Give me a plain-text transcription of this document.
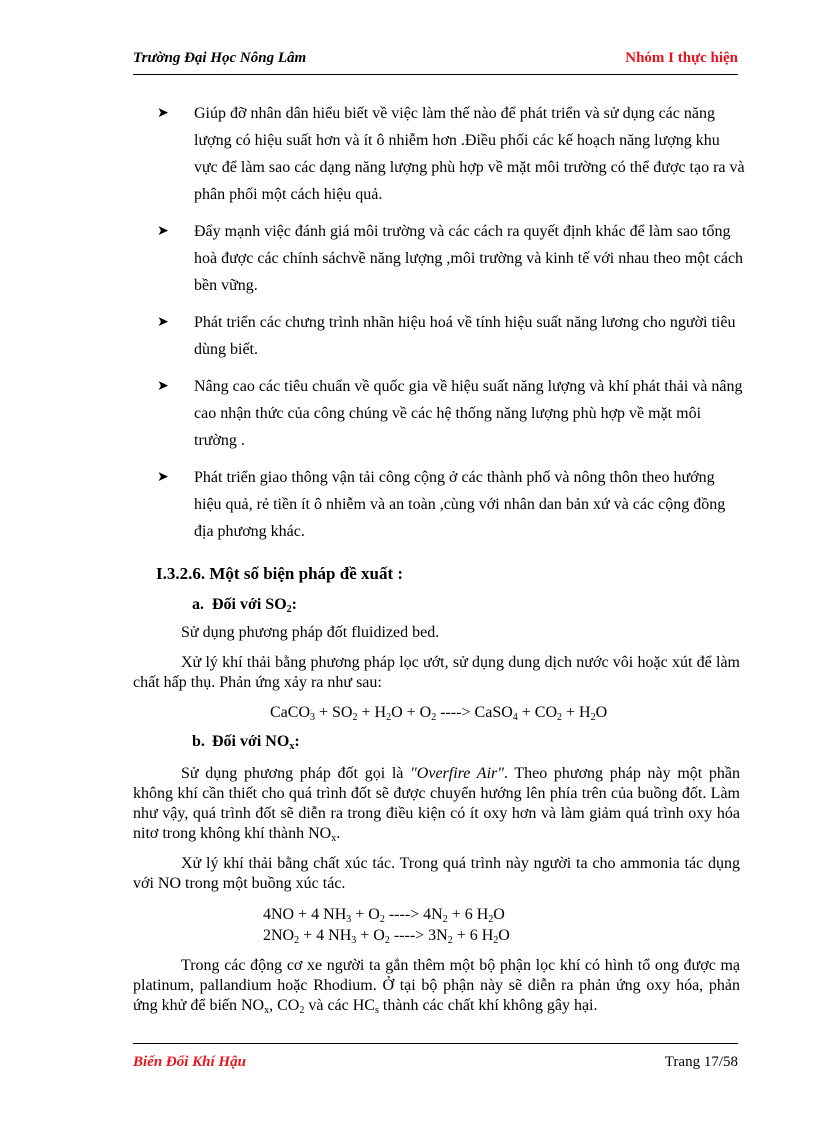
Trường Đại Học Nông Lâm	Nhóm I thực hiện
➤ Giúp đỡ nhân dân hiểu biết về việc làm thế nào để phát triển và sử dụng các năng lượng có hiệu suất hơn và ít ô nhiễm hơn .Điều phối các kế hoạch năng lượng khu vực để làm sao các dạng năng lượng phù hợp về mặt môi trường có thể được tạo ra và phân phối một cách hiệu quả.
➤ Đẩy mạnh việc đánh giá môi trường và các cách ra quyết định khác để làm sao tổng hoà được các chính sáchvề năng lượng ,môi trường và kinh tế với nhau theo một cách bền vững.
➤ Phát triển các chưng trình nhãn hiệu hoá về tính hiệu suất năng lương cho người tiêu dùng biết.
➤ Nâng cao các tiêu chuẩn về quốc gia về hiệu suất năng lượng và khí phát thải và nâng cao nhận thức của công chúng về các hệ thống năng lượng phù hợp về mặt môi trường .
➤ Phát triển giao thông vận tải công cộng ở các thành phố và nông thôn theo hướng hiệu quả, rẻ tiền ít ô nhiễm và an toàn ,cùng với nhân dan bản xứ và các cộng đồng địa phương khác.
I.3.2.6. Một số biện pháp đề xuất :
a. Đối với $SO_2$:
Sử dụng phương pháp đốt fluidized bed.
Xử lý khí thải bằng phương pháp lọc ướt, sử dụng dung dịch nước vôi hoặc xút để làm chất hấp thụ. Phản ứng xảy ra như sau:
CaCO$_3$ + $SO_2 + H_2O + O_2$ ----> CaSO$_4$ + $CO_2 + H_2O$
b. Đối với $NO_x$:
Sử dụng phương pháp đốt gọi là "Overfire Air". Theo phương pháp này một phần không khí cần thiết cho quá trình đốt sẽ được chuyển hướng lên phía trên của buồng đốt. Làm như vậy, quá trình đốt sẽ diễn ra trong điều kiện có ít oxy hơn và làm giảm quá trình oxy hóa nitơ trong không khí thành $NO_x$.
Xử lý khí thải bằng chất xúc tác. Trong quá trình này người ta cho ammonia tác dụng với NO trong một buồng xúc tác.
4NO + 4 $NH_3 + O_2$ ----> $4N_2 + 6$ $H_2O$
$2NO_2 + 4$ $NH_3 + O_2$ ----> $3N_2 + 6$ $H_2O$
Trong các động cơ xe người ta gắn thêm một bộ phận lọc khí có hình tổ ong được mạ platinum, pallandium hoặc Rhodium. Ở tại bộ phận này sẽ diễn ra phản ứng oxy hóa, phản ứng khử để biến $NO_x$, $CO_2$ và các $HC_s$ thành các chất khí không gây hại.
Biến Đổi Khí Hậu	Trang 17/58
